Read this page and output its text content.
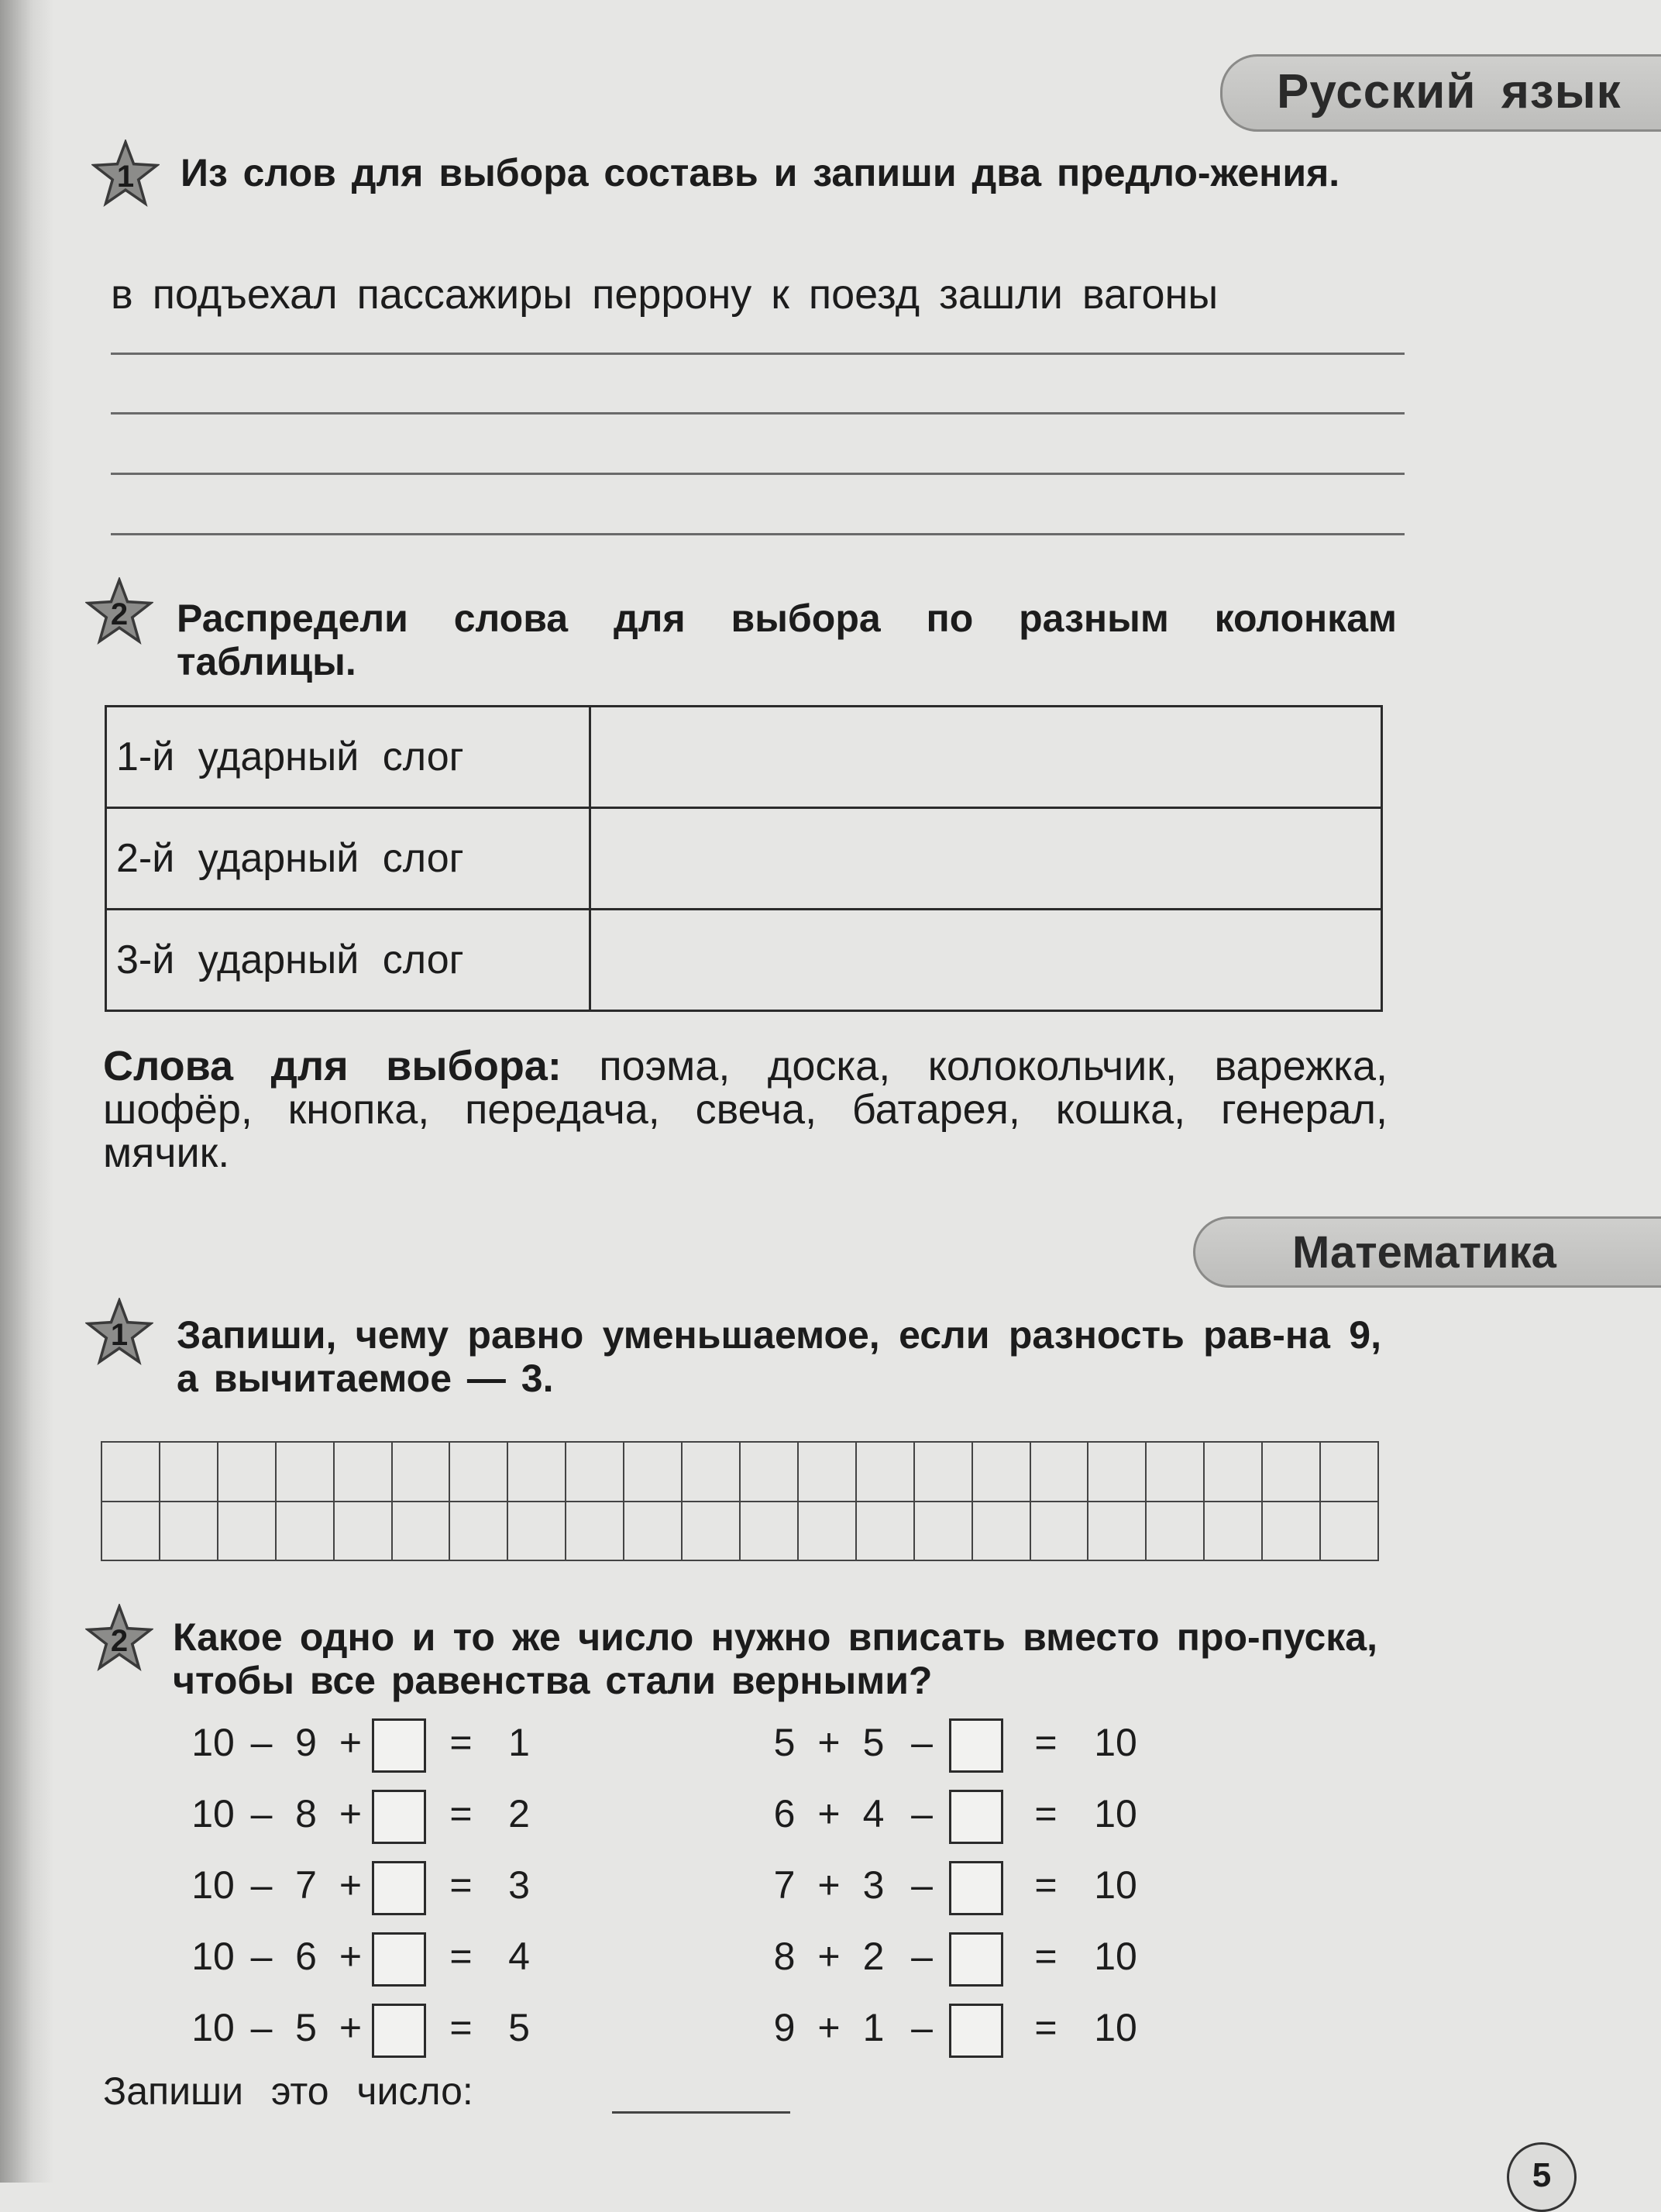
Русский язык
1	Из слов для выбора составь и запиши два предло-жения.
в подъехал пассажиры перрону к поезд зашли вагоны
2	Распредели слова для выбора по разным колонкам таблицы.
1-й ударный слог	
2-й ударный слог	
3-й ударный слог	
Слова для выбора: поэма, доска, колокольчик, варежка, шофёр, кнопка, передача, свеча, батарея, кошка, генерал, мячик.
Математика
1	Запиши, чему равно уменьшаемое, если разность рав-на 9, а вычитаемое — 3.

2	Какое одно и то же число нужно вписать вместо про-пуска, чтобы все равенства стали верными?
10 – 9 + = 1
10 – 8 + = 2
10 – 7 + = 3
10 – 6 + = 4
10 – 5 + = 5
5 + 5 –	= 10
6 + 4 –	= 10
7 + 3 –	= 10
8 + 2 –	= 10
9 + 1 –	= 10
Запиши это число:
5
